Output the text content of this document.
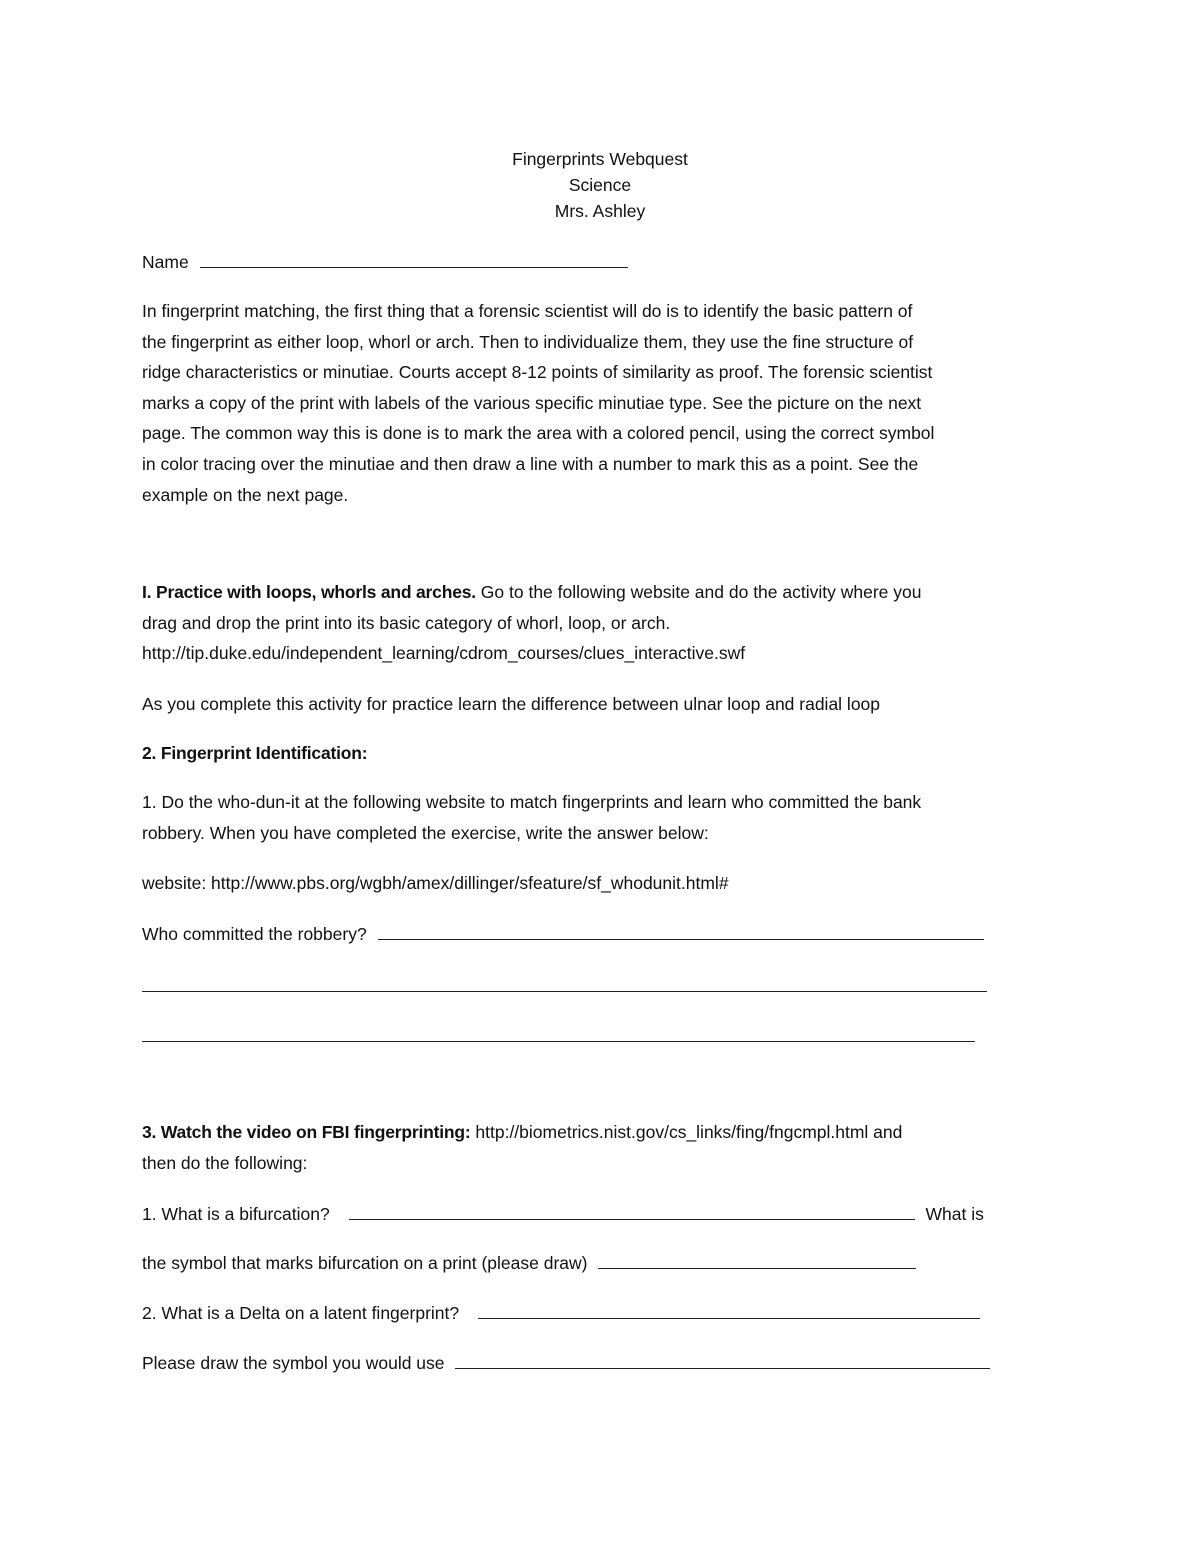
Fingerprints Webquest
Science
Mrs. Ashley
Name
In fingerprint matching, the first thing that a forensic scientist will do is to identify the basic pattern of
the fingerprint as either loop, whorl or arch. Then to individualize them, they use the fine structure of
ridge characteristics or minutiae. Courts accept 8-12 points of similarity as proof. The forensic scientist
marks a copy of the print with labels of the various specific minutiae type. See the picture on the next
page. The common way this is done is to mark the area with a colored pencil, using the correct symbol
in color tracing over the minutiae and then draw a line with a number to mark this as a point. See the
example on the next page.
I. Practice with loops, whorls and arches. Go to the following website and do the activity where you
drag and drop the print into its basic category of whorl, loop, or arch.
http://tip.duke.edu/independent_learning/cdrom_courses/clues_interactive.swf
As you complete this activity for practice learn the difference between ulnar loop and radial loop
2. Fingerprint Identification:
1. Do the who-dun-it at the following website to match fingerprints and learn who committed the bank
robbery. When you have completed the exercise, write the answer below:
website: http://www.pbs.org/wgbh/amex/dillinger/sfeature/sf_whodunit.html#
Who committed the robbery?
3. Watch the video on FBI fingerprinting: http://biometrics.nist.gov/cs_links/fing/fngcmpl.html and
then do the following:
1. What is a bifurcation?	What is
the symbol that marks bifurcation on a print (please draw)
2. What is a Delta on a latent fingerprint?
Please draw the symbol you would use
